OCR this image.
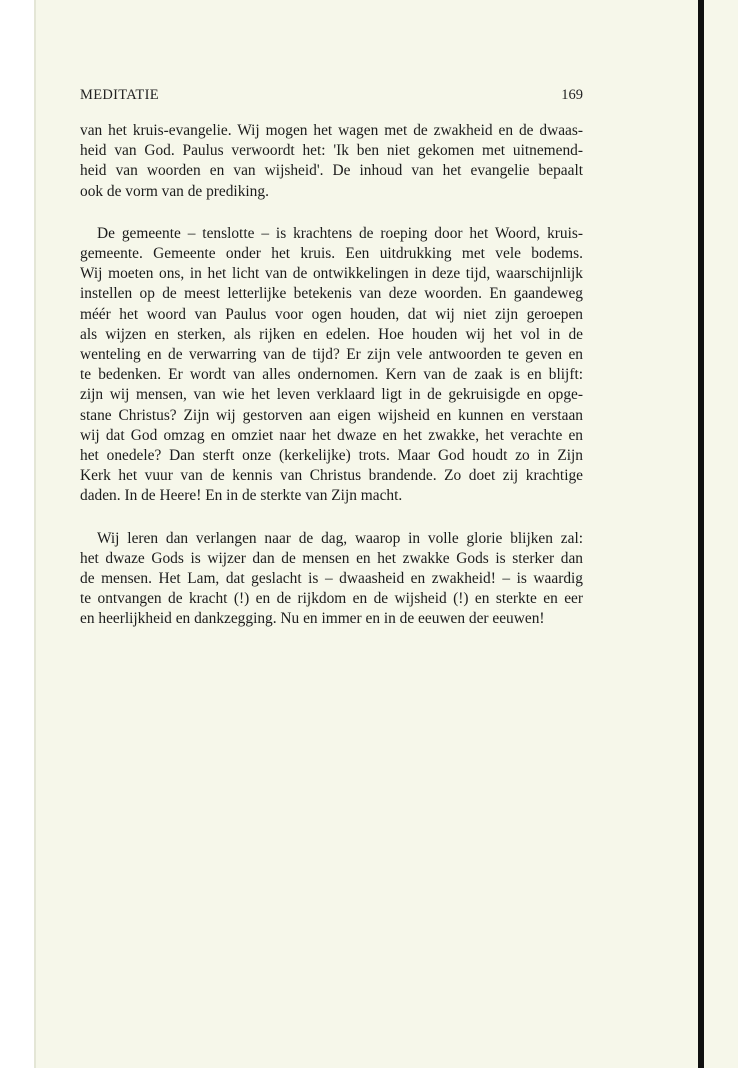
MEDITATIE	169

van het kruis-evangelie. Wij mogen het wagen met de zwakheid en de dwaas-
heid van God. Paulus verwoordt het: 'Ik ben niet gekomen met uitnemend-
heid van woorden en van wijsheid'. De inhoud van het evangelie bepaalt
ook de vorm van de prediking.

De gemeente – tenslotte – is krachtens de roeping door het Woord, kruis-
gemeente. Gemeente onder het kruis. Een uitdrukking met vele bodems.
Wij moeten ons, in het licht van de ontwikkelingen in deze tijd, waarschijnlijk
instellen op de meest letterlijke betekenis van deze woorden. En gaandeweg
méér het woord van Paulus voor ogen houden, dat wij niet zijn geroepen
als wijzen en sterken, als rijken en edelen. Hoe houden wij het vol in de
wenteling en de verwarring van de tijd? Er zijn vele antwoorden te geven en
te bedenken. Er wordt van alles ondernomen. Kern van de zaak is en blijft:
zijn wij mensen, van wie het leven verklaard ligt in de gekruisigde en opge-
stane Christus? Zijn wij gestorven aan eigen wijsheid en kunnen en verstaan
wij dat God omzag en omziet naar het dwaze en het zwakke, het verachte en
het onedele? Dan sterft onze (kerkelijke) trots. Maar God houdt zo in Zijn
Kerk het vuur van de kennis van Christus brandende. Zo doet zij krachtige
daden. In de Heere! En in de sterkte van Zijn macht.

Wij leren dan verlangen naar de dag, waarop in volle glorie blijken zal:
het dwaze Gods is wijzer dan de mensen en het zwakke Gods is sterker dan
de mensen. Het Lam, dat geslacht is – dwaasheid en zwakheid! – is waardig
te ontvangen de kracht (!) en de rijkdom en de wijsheid (!) en sterkte en eer
en heerlijkheid en dankzegging. Nu en immer en in de eeuwen der eeuwen!
